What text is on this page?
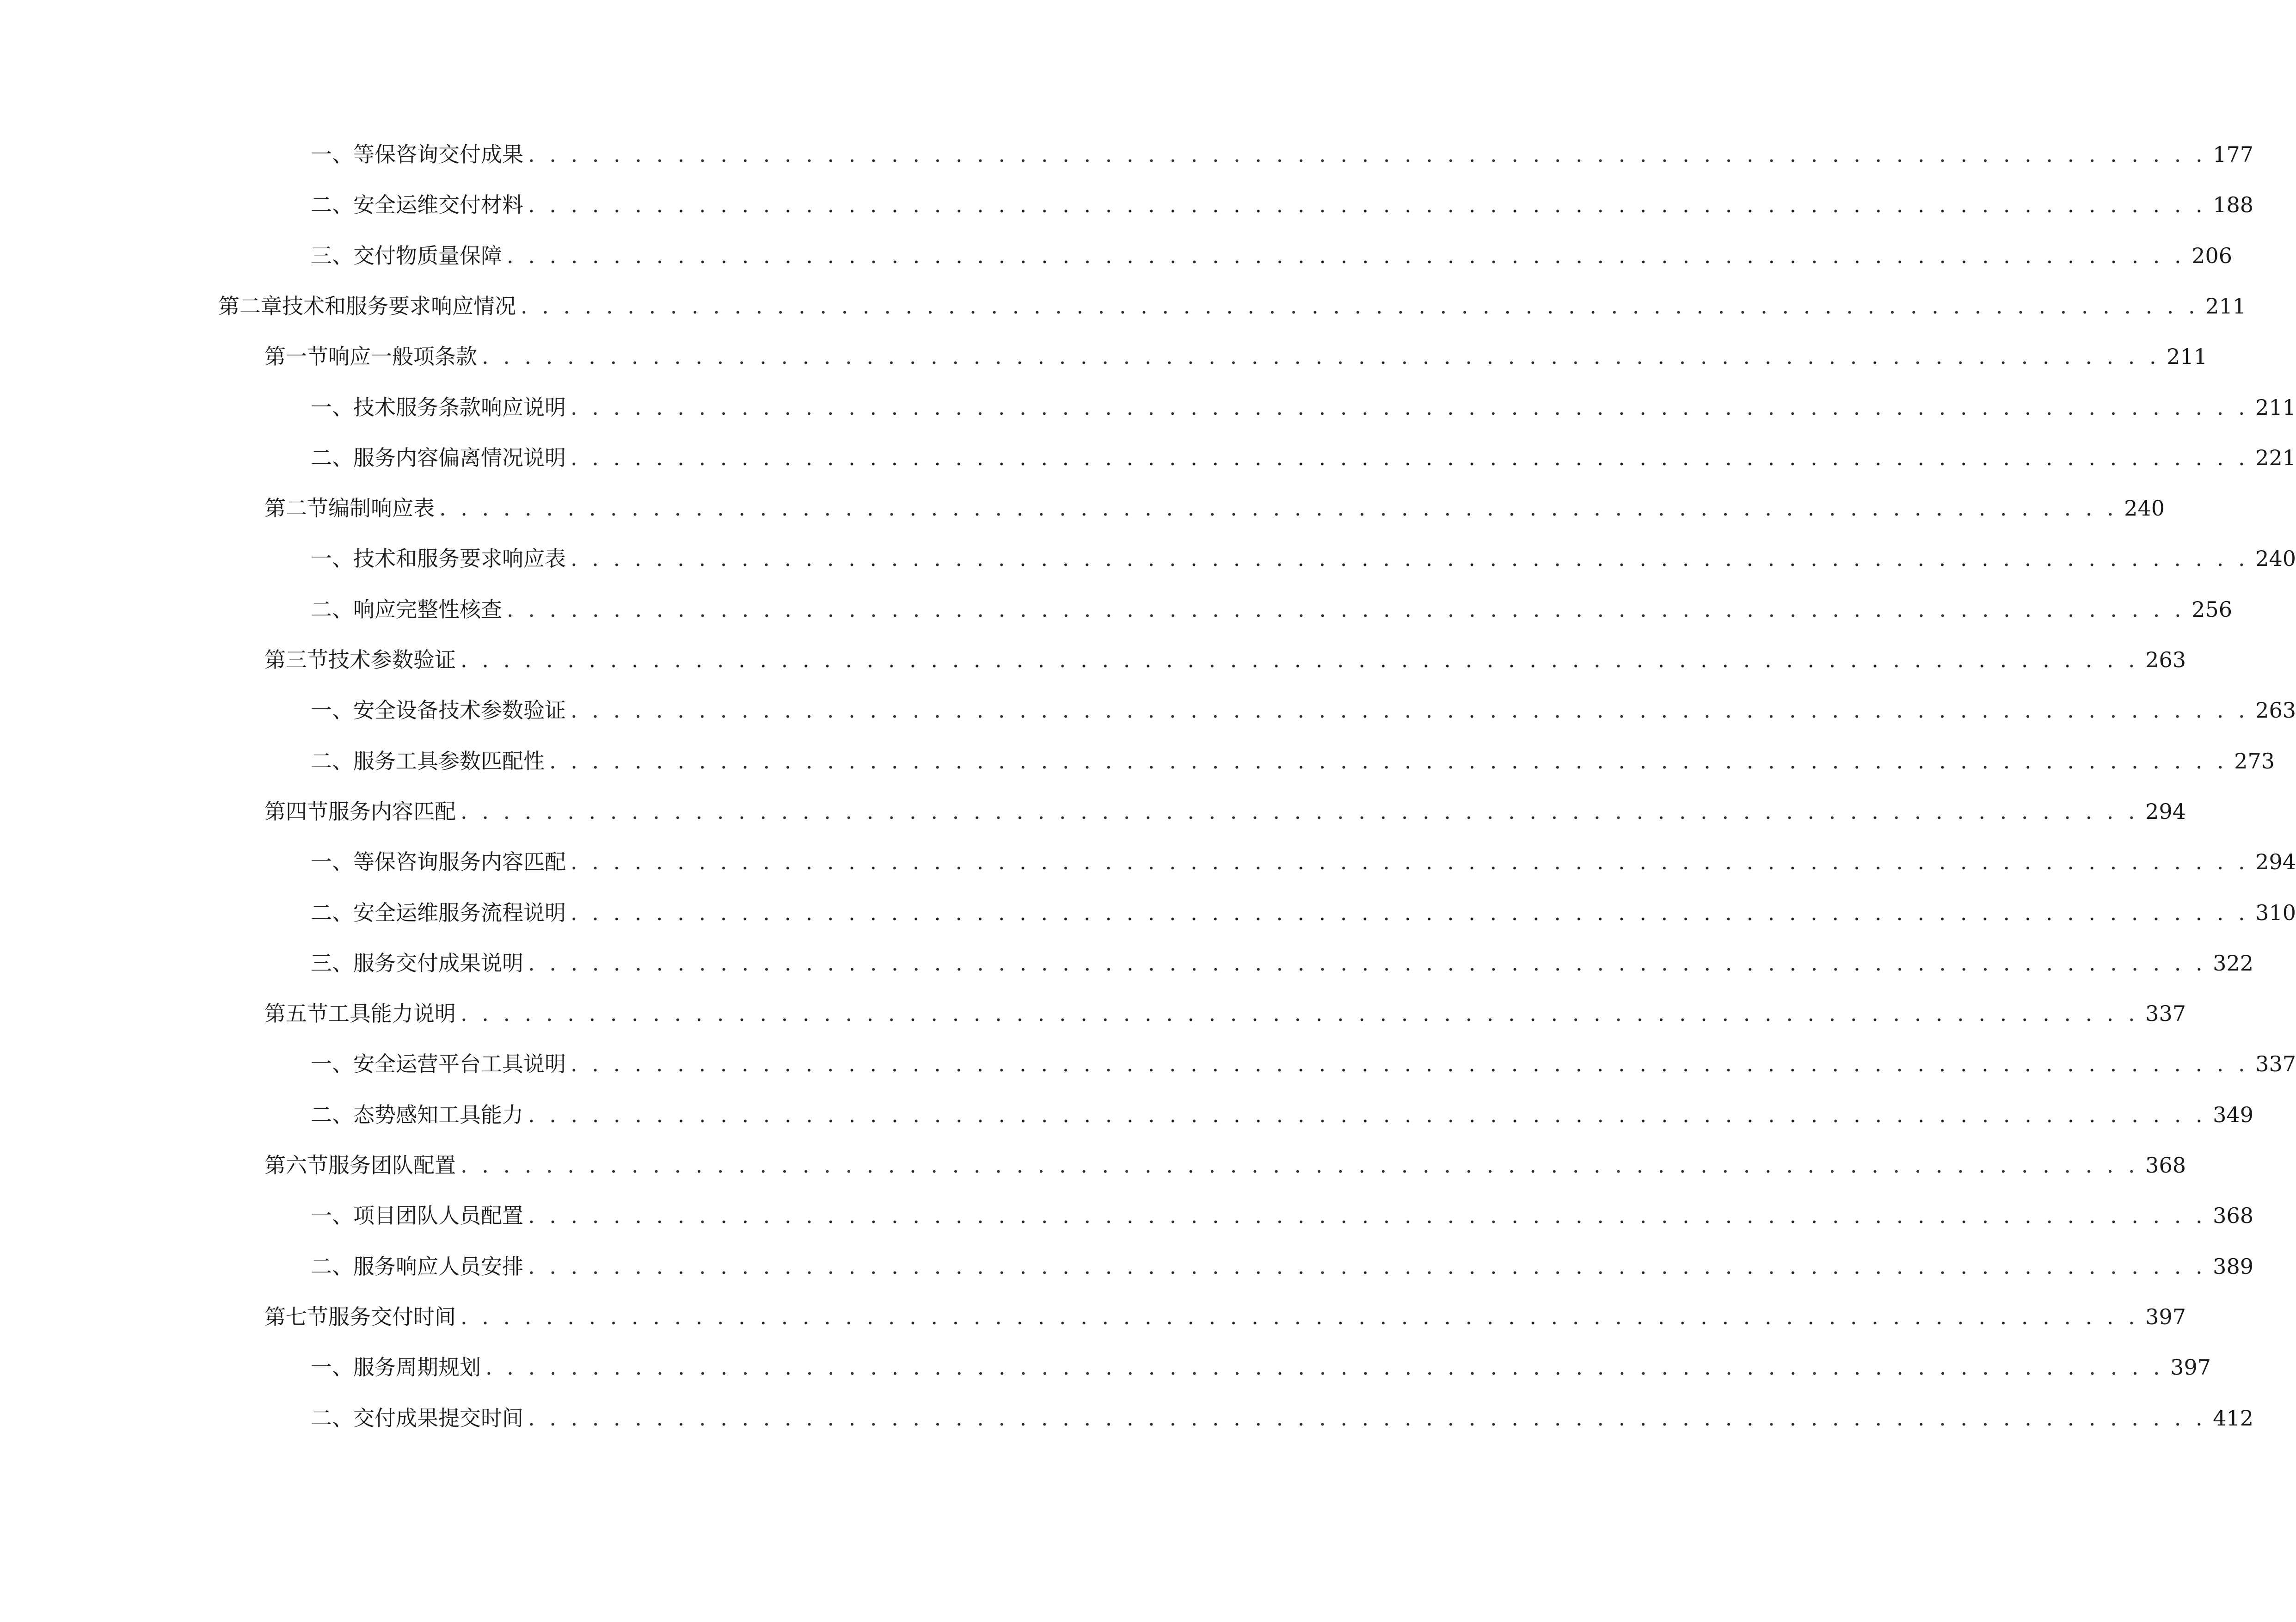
一、 等保咨询交付成果 . . . . . . . . . . . . . . . . . . . . . . . . . . . . . . . . . . . . . . . . . . . . . . . . . . . . . . . . . . . . . . . . . . . . . . . . . . . . . . . 177
二、 安全运维交付材料 . . . . . . . . . . . . . . . . . . . . . . . . . . . . . . . . . . . . . . . . . . . . . . . . . . . . . . . . . . . . . . . . . . . . . . . . . . . . . . . 188
三、 交付物质量保障 . . . . . . . . . . . . . . . . . . . . . . . . . . . . . . . . . . . . . . . . . . . . . . . . . . . . . . . . . . . . . . . . . . . . . . . . . . . . . . . 206
第二章 技术和服务要求响应情况 . . . . . . . . . . . . . . . . . . . . . . . . . . . . . . . . . . . . . . . . . . . . . . . . . . . . . . . . . . . . . . . . . . . . . . . . . . . . . . . 211
第一节 响应一般项条款 . . . . . . . . . . . . . . . . . . . . . . . . . . . . . . . . . . . . . . . . . . . . . . . . . . . . . . . . . . . . . . . . . . . . . . . . . . . . . . . 211
一、 技术服务条款响应说明 . . . . . . . . . . . . . . . . . . . . . . . . . . . . . . . . . . . . . . . . . . . . . . . . . . . . . . . . . . . . . . . . . . . . . . . . . . . . . . . 211
二、 服务内容偏离情况说明 . . . . . . . . . . . . . . . . . . . . . . . . . . . . . . . . . . . . . . . . . . . . . . . . . . . . . . . . . . . . . . . . . . . . . . . . . . . . . . . 221
第二节 编制响应表 . . . . . . . . . . . . . . . . . . . . . . . . . . . . . . . . . . . . . . . . . . . . . . . . . . . . . . . . . . . . . . . . . . . . . . . . . . . . . . . 240
一、 技术和服务要求响应表 . . . . . . . . . . . . . . . . . . . . . . . . . . . . . . . . . . . . . . . . . . . . . . . . . . . . . . . . . . . . . . . . . . . . . . . . . . . . . . . 240
二、 响应完整性核查 . . . . . . . . . . . . . . . . . . . . . . . . . . . . . . . . . . . . . . . . . . . . . . . . . . . . . . . . . . . . . . . . . . . . . . . . . . . . . . . 256
第三节 技术参数验证 . . . . . . . . . . . . . . . . . . . . . . . . . . . . . . . . . . . . . . . . . . . . . . . . . . . . . . . . . . . . . . . . . . . . . . . . . . . . . . . 263
一、 安全设备技术参数验证 . . . . . . . . . . . . . . . . . . . . . . . . . . . . . . . . . . . . . . . . . . . . . . . . . . . . . . . . . . . . . . . . . . . . . . . . . . . . . . . 263
二、 服务工具参数匹配性 . . . . . . . . . . . . . . . . . . . . . . . . . . . . . . . . . . . . . . . . . . . . . . . . . . . . . . . . . . . . . . . . . . . . . . . . . . . . . . . 273
第四节 服务内容匹配 . . . . . . . . . . . . . . . . . . . . . . . . . . . . . . . . . . . . . . . . . . . . . . . . . . . . . . . . . . . . . . . . . . . . . . . . . . . . . . . 294
一、 等保咨询服务内容匹配 . . . . . . . . . . . . . . . . . . . . . . . . . . . . . . . . . . . . . . . . . . . . . . . . . . . . . . . . . . . . . . . . . . . . . . . . . . . . . . . 294
二、 安全运维服务流程说明 . . . . . . . . . . . . . . . . . . . . . . . . . . . . . . . . . . . . . . . . . . . . . . . . . . . . . . . . . . . . . . . . . . . . . . . . . . . . . . . 310
三、 服务交付成果说明 . . . . . . . . . . . . . . . . . . . . . . . . . . . . . . . . . . . . . . . . . . . . . . . . . . . . . . . . . . . . . . . . . . . . . . . . . . . . . . . 322
第五节 工具能力说明 . . . . . . . . . . . . . . . . . . . . . . . . . . . . . . . . . . . . . . . . . . . . . . . . . . . . . . . . . . . . . . . . . . . . . . . . . . . . . . . 337
一、 安全运营平台工具说明 . . . . . . . . . . . . . . . . . . . . . . . . . . . . . . . . . . . . . . . . . . . . . . . . . . . . . . . . . . . . . . . . . . . . . . . . . . . . . . . 337
二、 态势感知工具能力 . . . . . . . . . . . . . . . . . . . . . . . . . . . . . . . . . . . . . . . . . . . . . . . . . . . . . . . . . . . . . . . . . . . . . . . . . . . . . . . 349
第六节 服务团队配置 . . . . . . . . . . . . . . . . . . . . . . . . . . . . . . . . . . . . . . . . . . . . . . . . . . . . . . . . . . . . . . . . . . . . . . . . . . . . . . . 368
一、 项目团队人员配置 . . . . . . . . . . . . . . . . . . . . . . . . . . . . . . . . . . . . . . . . . . . . . . . . . . . . . . . . . . . . . . . . . . . . . . . . . . . . . . . 368
二、 服务响应人员安排 . . . . . . . . . . . . . . . . . . . . . . . . . . . . . . . . . . . . . . . . . . . . . . . . . . . . . . . . . . . . . . . . . . . . . . . . . . . . . . . 389
第七节 服务交付时间 . . . . . . . . . . . . . . . . . . . . . . . . . . . . . . . . . . . . . . . . . . . . . . . . . . . . . . . . . . . . . . . . . . . . . . . . . . . . . . . 397
一、 服务周期规划 . . . . . . . . . . . . . . . . . . . . . . . . . . . . . . . . . . . . . . . . . . . . . . . . . . . . . . . . . . . . . . . . . . . . . . . . . . . . . . . 397
二、 交付成果提交时间 . . . . . . . . . . . . . . . . . . . . . . . . . . . . . . . . . . . . . . . . . . . . . . . . . . . . . . . . . . . . . . . . . . . . . . . . . . . . . . . 412
